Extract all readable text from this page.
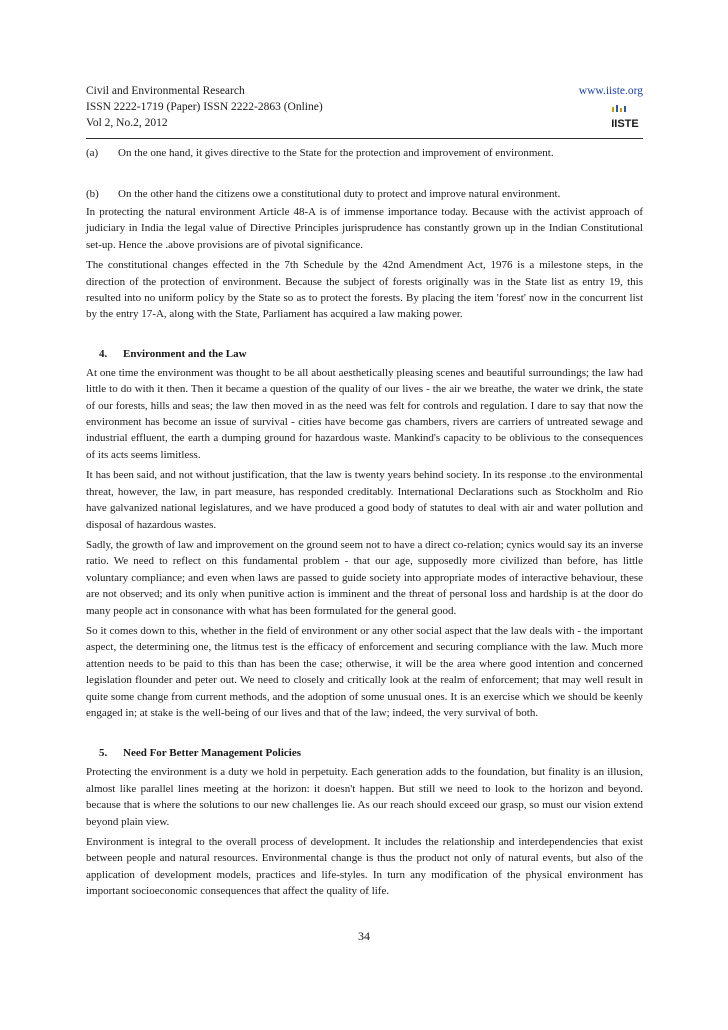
Civil and Environmental Research
ISSN 2222-1719 (Paper) ISSN 2222-2863 (Online)
Vol 2, No.2, 2012
www.iiste.org
IISTE
(a)	On the one hand, it gives directive to the State for the protection and improvement of environment.
(b)	On the other hand the citizens owe a constitutional duty to protect and improve natural environment.

In protecting the natural environment Article 48-A is of immense importance today. Because with the activist approach of judiciary in India the legal value of Directive Principles jurisprudence has constantly grown up in the Indian Constitutional set-up. Hence the .above provisions are of pivotal significance.

The constitutional changes effected in the 7th Schedule by the 42nd Amendment Act, 1976 is a milestone steps, in the direction of the protection of environment. Because the subject of forests originally was in the State list as entry 19, this resulted into no uniform policy by the State so as to protect the forests. By placing the item 'forest' now in the concurrent list by the entry 17-A, along with the State, Parliament has acquired a law making power.

4. Environment and the Law

At one time the environment was thought to be all about aesthetically pleasing scenes and beautiful surroundings; the law had little to do with it then. Then it became a question of the quality of our lives - the air we breathe, the water we drink, the state of our forests, hills and seas; the law then moved in as the need was felt for controls and regulation. I dare to say that now the environment has become an issue of survival - cities have become gas chambers, rivers are carriers of untreated sewage and industrial effluent, the earth a dumping ground for hazardous waste. Mankind's capacity to be oblivious to the consequences of its acts seems limitless.

It has been said, and not without justification, that the law is twenty years behind society. In its response .to the environmental threat, however, the law, in part measure, has responded creditably. International Declarations such as Stockholm and Rio have galvanized national legislatures, and we have produced a good body of statutes to deal with air and water pollution and disposal of hazardous wastes.

Sadly, the growth of law and improvement on the ground seem not to have a direct co-relation; cynics would say its an inverse ratio. We need to reflect on this fundamental problem - that our age, supposedly more civilized than before, has little voluntary compliance; and even when laws are passed to guide society into appropriate modes of interactive behaviour, these are not observed; and its only when punitive action is imminent and the threat of personal loss and hardship is at the door do many people act in consonance with what has been formulated for the general good.

So it comes down to this, whether in the field of environment or any other social aspect that the law deals with - the important aspect, the determining one, the litmus test is the efficacy of enforcement and securing compliance with the law. Much more attention needs to be paid to this than has been the case; otherwise, it will be the area where good intention and concerned legislation flounder and peter out. We need to closely and critically look at the realm of enforcement; that may well result in quite some change from current methods, and the adoption of some unusual ones. It is an exercise which we should be keenly engaged in; at stake is the well-being of our lives and that of the law; indeed, the very survival of both.

5. Need For Better Management Policies

Protecting the environment is a duty we hold in perpetuity. Each generation adds to the foundation, but finality is an illusion, almost like parallel lines meeting at the horizon: it doesn't happen. But still we need to look to the horizon and beyond. because that is where the solutions to our new challenges lie. As our reach should exceed our grasp, so must our vision extend beyond plain view.

Environment is integral to the overall process of development. It includes the relationship and interdependencies that exist between people and natural resources. Environmental change is thus the product not only of natural events, but also of the application of development models, practices and life-styles. In turn any modification of the physical environment has important socioeconomic consequences that affect the quality of life.

34
